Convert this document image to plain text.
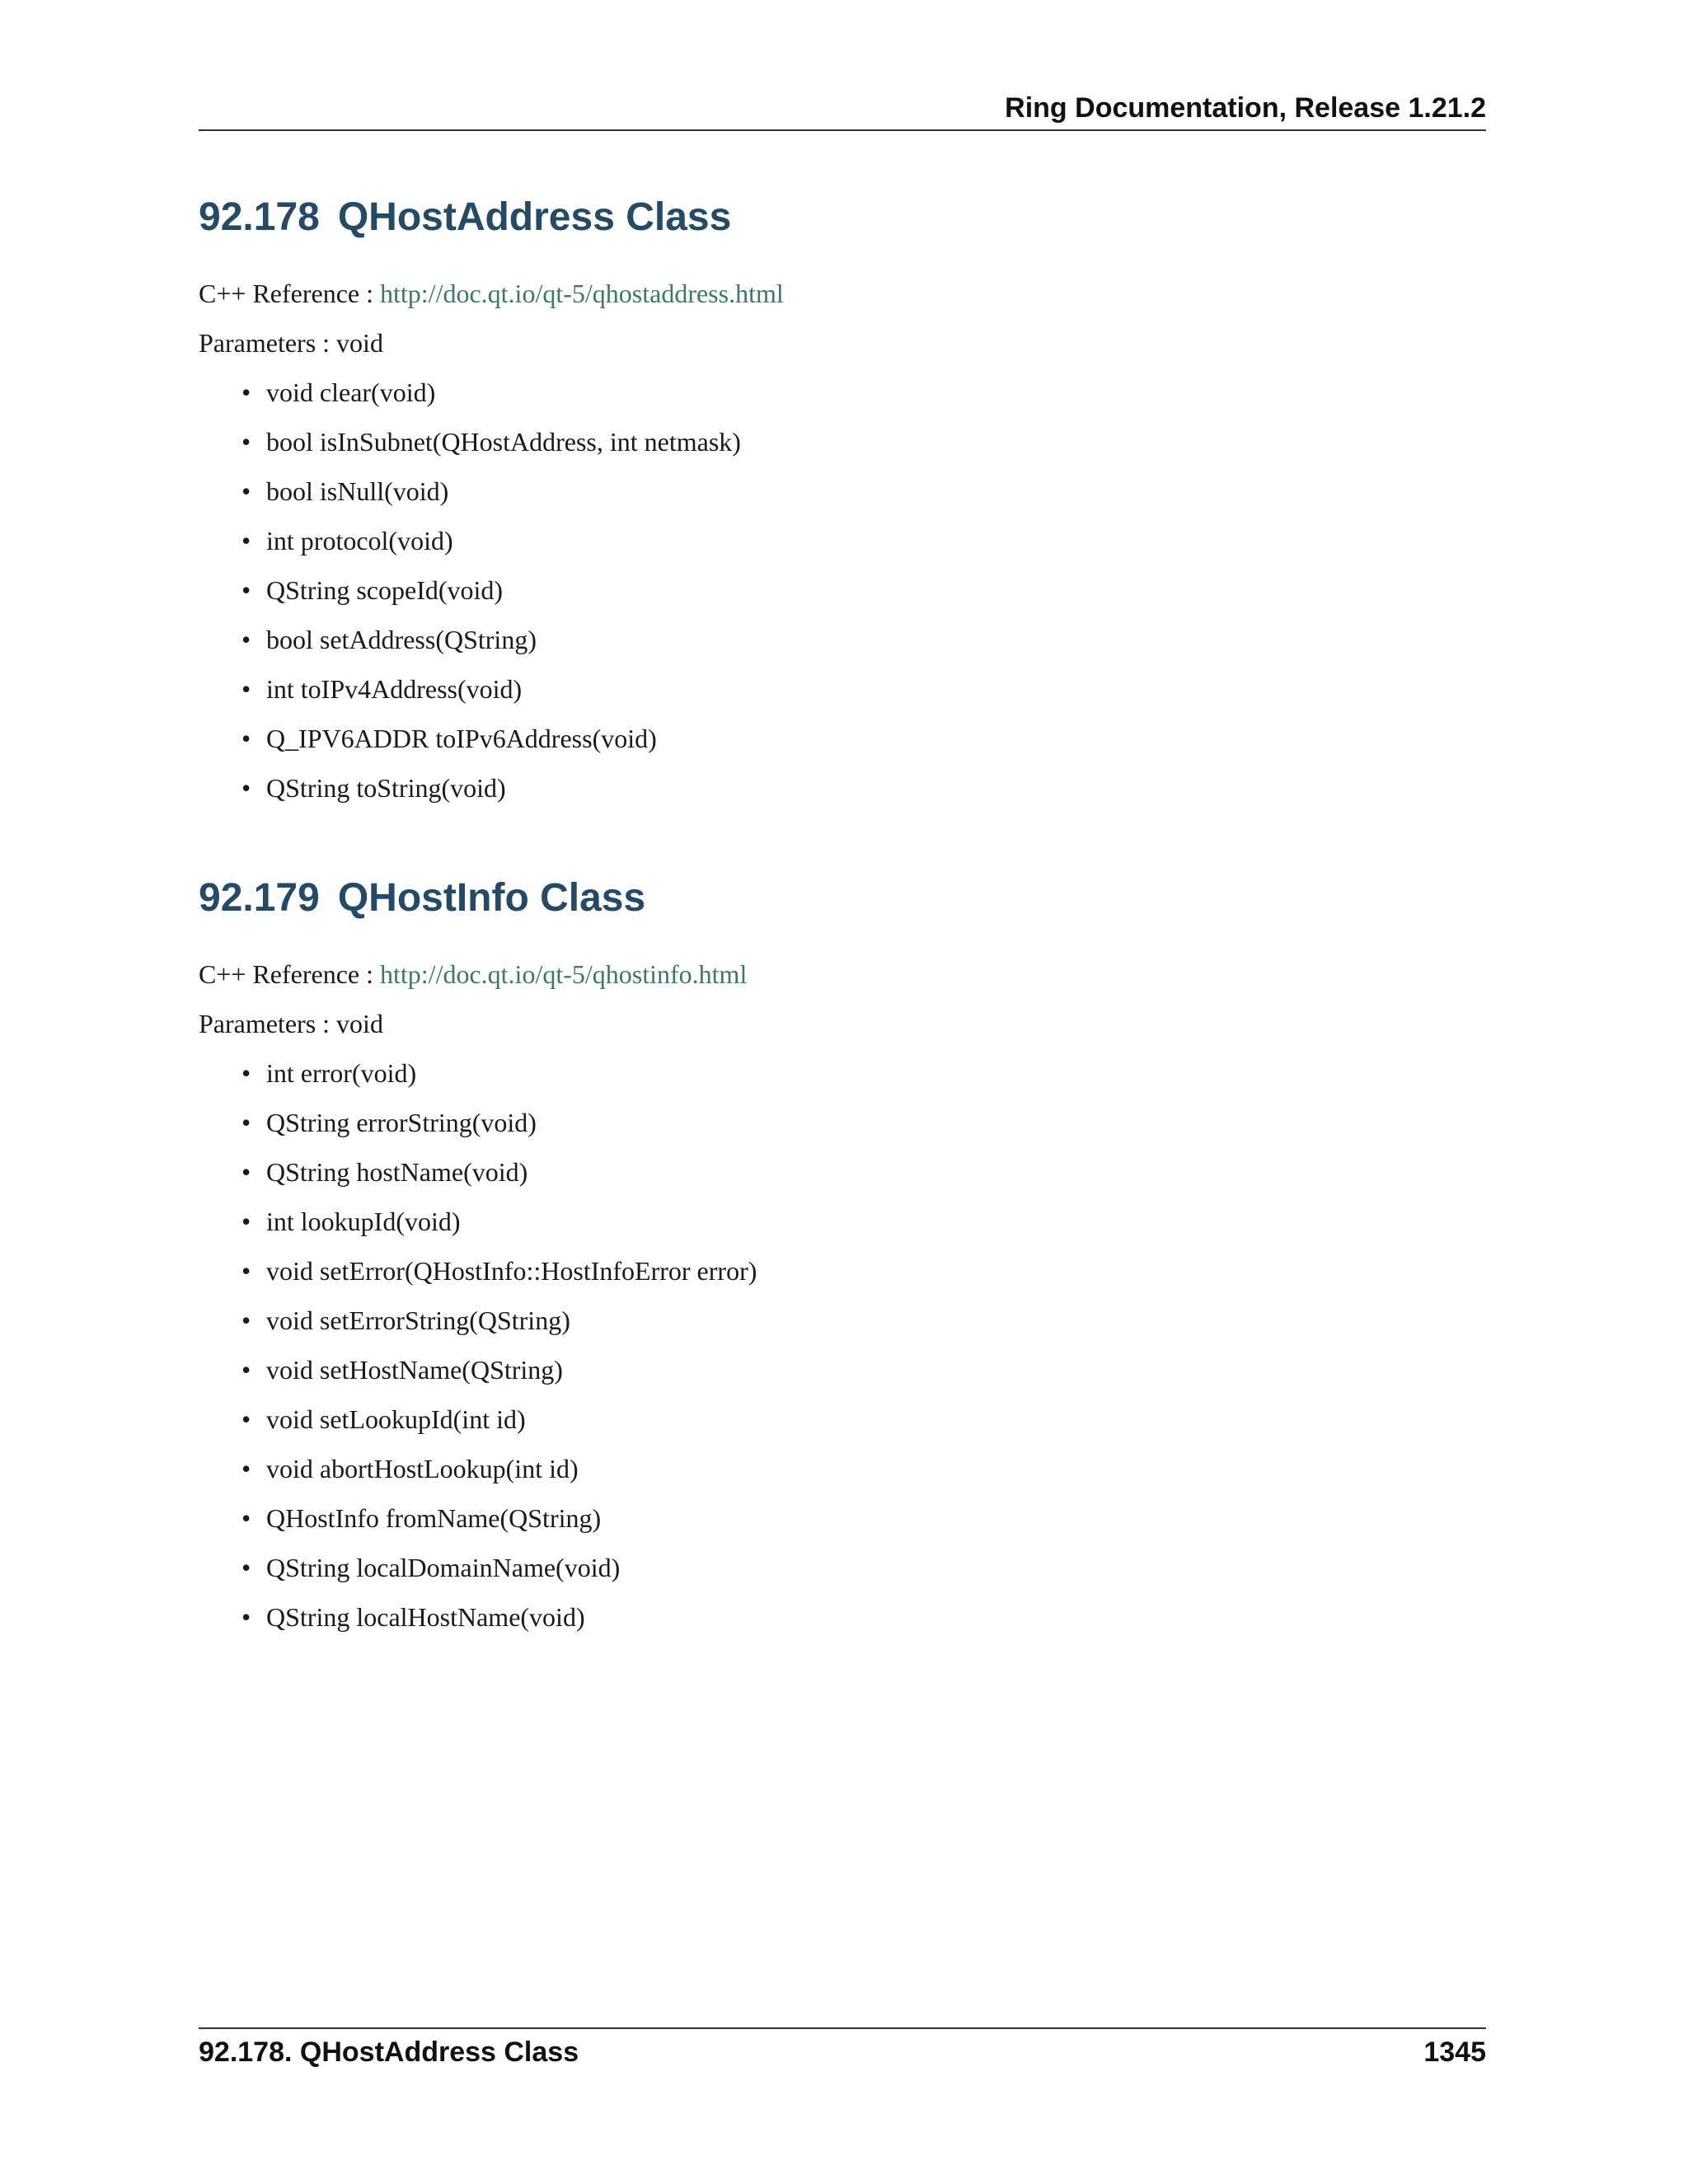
Ring Documentation, Release 1.21.2
92.178 QHostAddress Class

C++ Reference : http://doc.qt.io/qt-5/qhostaddress.html

Parameters : void

• void clear(void)
• bool isInSubnet(QHostAddress, int netmask)
• bool isNull(void)
• int protocol(void)
• QString scopeId(void)
• bool setAddress(QString)
• int toIPv4Address(void)
• Q_IPV6ADDR toIPv6Address(void)
• QString toString(void)
92.179 QHostInfo Class

C++ Reference : http://doc.qt.io/qt-5/qhostinfo.html

Parameters : void

• int error(void)
• QString errorString(void)
• QString hostName(void)
• int lookupId(void)
• void setError(QHostInfo::HostInfoError error)
• void setErrorString(QString)
• void setHostName(QString)
• void setLookupId(int id)
• void abortHostLookup(int id)
• QHostInfo fromName(QString)
• QString localDomainName(void)
• QString localHostName(void)
92.178. QHostAddress Class	1345
